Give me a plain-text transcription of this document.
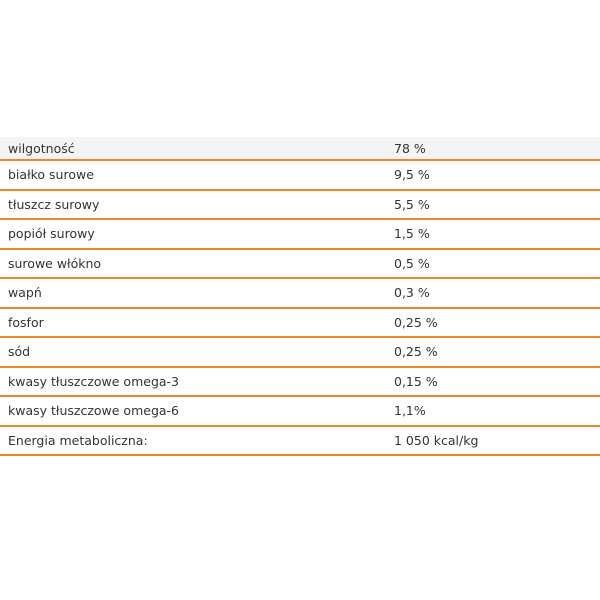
wilgotność	78 %
białko surowe	9,5 %
tłuszcz surowy	5,5 %
popiół surowy	1,5 %
surowe włókno	0,5 %
wapń	0,3 %
fosfor	0,25 %
sód	0,25 %
kwasy tłuszczowe omega-3	0,15 %
kwasy tłuszczowe omega-6	1,1%
Energia metaboliczna:	1 050 kcal/kg
